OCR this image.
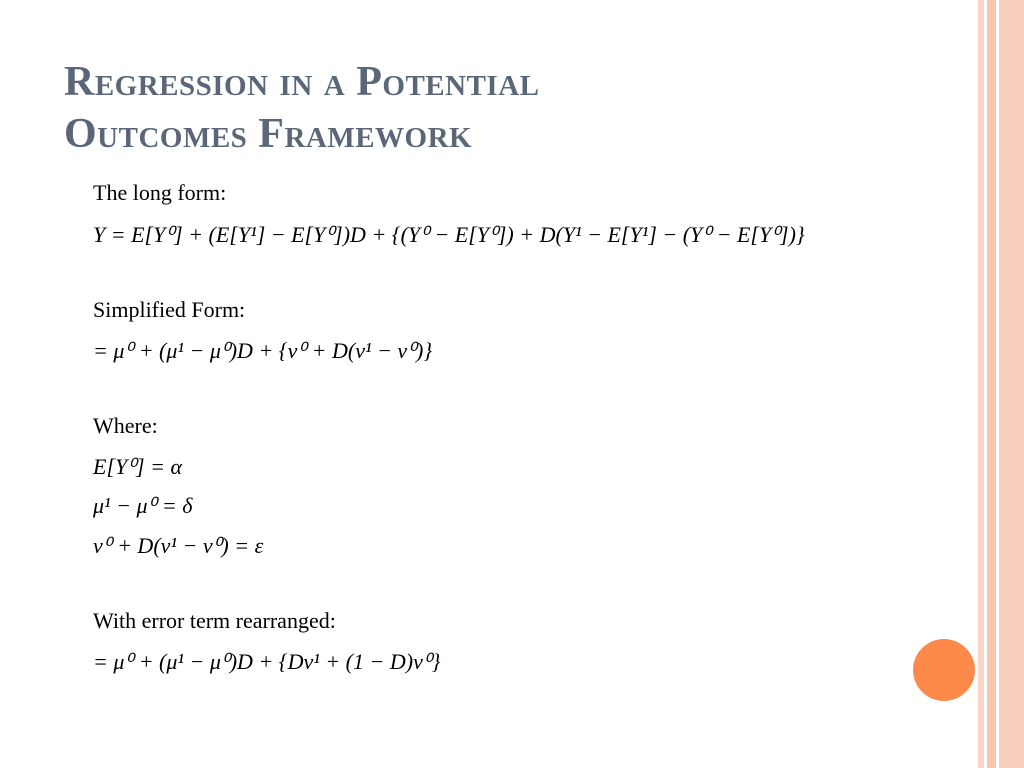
Regression in a Potential
Outcomes Framework
The long form:
Y = E[Y⁰] + (E[Y¹] − E[Y⁰])D + {(Y⁰ − E[Y⁰]) + D(Y¹ − E[Y¹] − (Y⁰ − E[Y⁰])}
Simplified Form:
= μ⁰ + (μ¹ − μ⁰)D + {v⁰ + D(v¹ − v⁰)}
Where:
E[Y⁰] = α
μ¹ − μ⁰ = δ
v⁰ + D(v¹ − v⁰) = ε
With error term rearranged:
= μ⁰ + (μ¹ − μ⁰)D + {Dv¹ + (1 − D)v⁰}
